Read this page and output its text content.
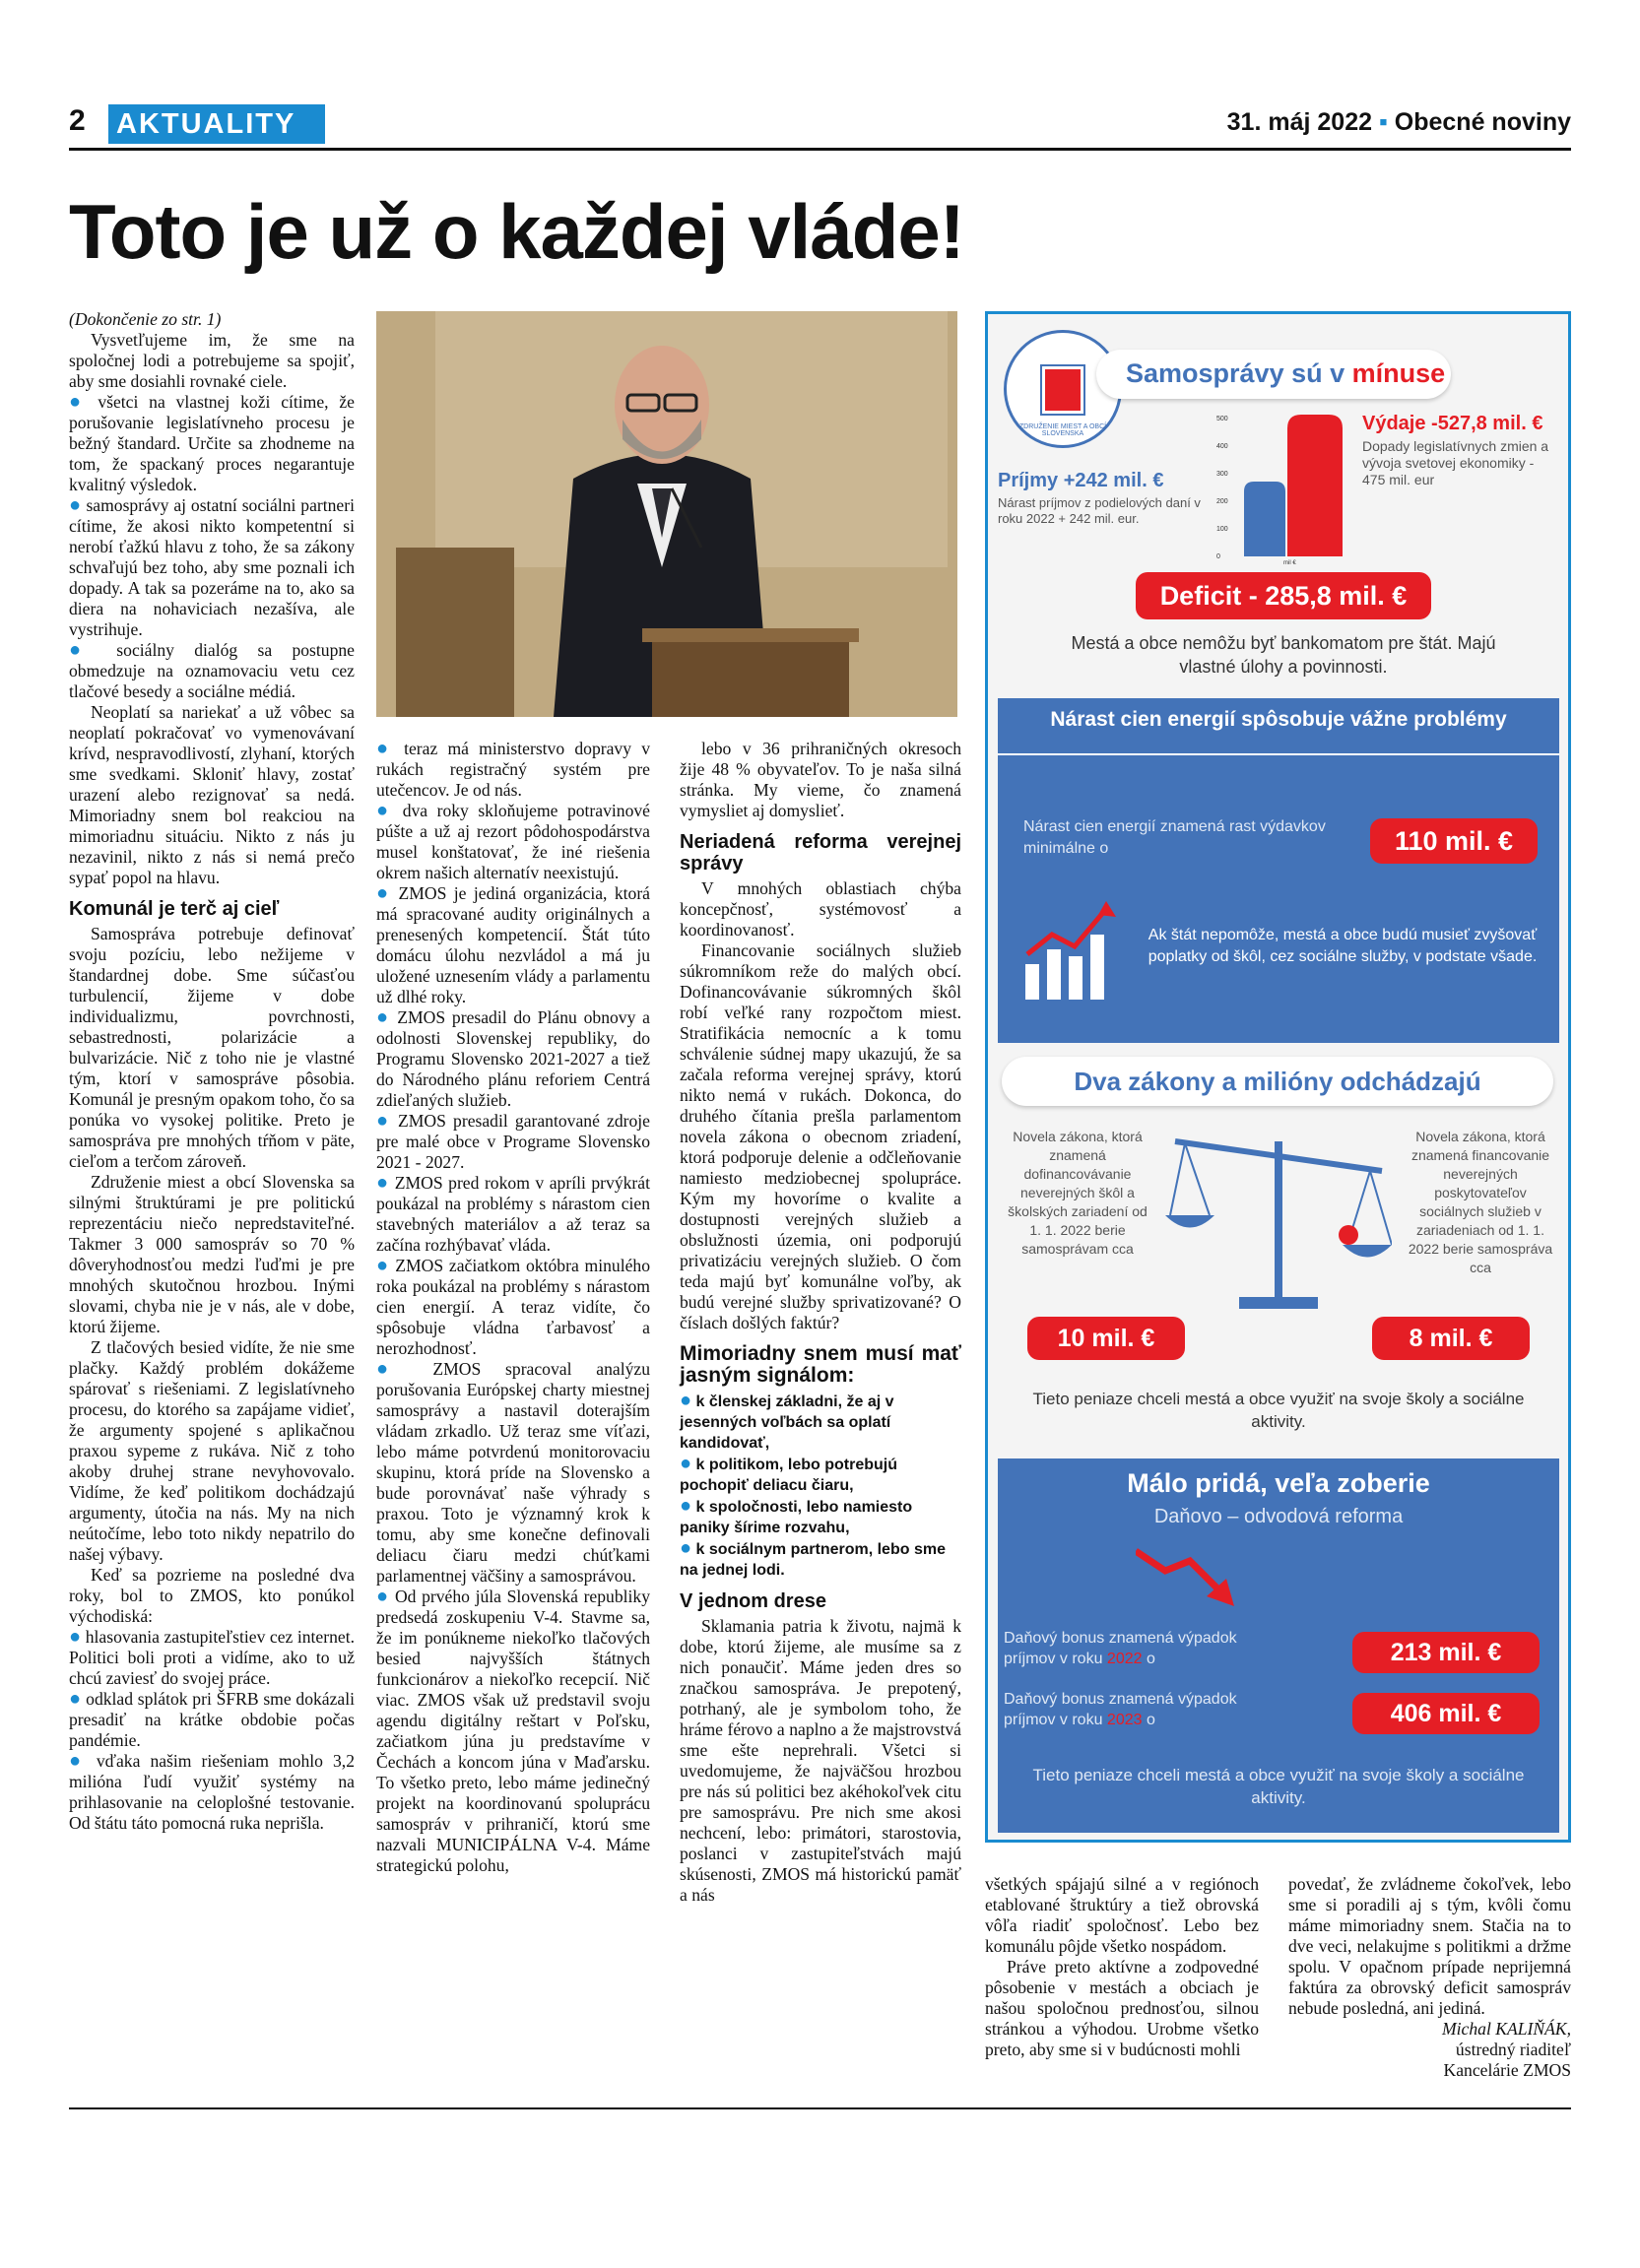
2 AKTUALITY	31. máj 2022 ▪ Obecné noviny
Toto je už o každej vláde!

(Dokončenie zo str. 1)

Vysvetľujeme im, že sme na spoločnej lodi a potrebujeme sa spojiť, aby sme dosiahli rovnaké ciele.

● všetci na vlastnej koži cítime, že porušovanie legislatívneho procesu je bežný štandard. Určite sa zhodneme na tom, že spackaný proces negarantuje kvalitný výsledok.

● samosprávy aj ostatní sociálni partneri cítime, že akosi nikto kompetentní si nerobí ťažkú hlavu z toho, že sa zákony schvaľujú bez toho, aby sme poznali ich dopady. A tak sa pozeráme na to, ako sa diera na nohaviciach nezašíva, ale vystrihuje.

● sociálny dialóg sa postupne obmedzuje na oznamovaciu vetu cez tlačové besedy a sociálne médiá.

Neoplatí sa nariekať a už vôbec sa neoplatí pokračovať vo vymenovávaní krívd, nespravodlivostí, zlyhaní, ktorých sme svedkami. Skloniť hlavy, zostať urazení alebo rezignovať sa nedá. Mimoriadny snem bol reakciou na mimoriadnu situáciu. Nikto z nás ju nezavinil, nikto z nás si nemá prečo sypať popol na hlavu.

Komunál je terč aj cieľ

Samospráva potrebuje definovať svoju pozíciu, lebo nežijeme v štandardnej dobe. Sme súčasťou turbulencií, žijeme v dobe individualizmu, povrchnosti, sebastrednosti, polarizácie a bulvarizácie. Nič z toho nie je vlastné tým, ktorí v samospráve pôsobia. Komunál je presným opakom toho, čo sa ponúka vo vysokej politike. Preto je samospráva pre mnohých tŕňom v päte, cieľom a terčom zároveň.

Združenie miest a obcí Slovenska sa silnými štruktúrami je pre politickú reprezentáciu niečo nepredstaviteľné. Takmer 3 000 samospráv so 70 % dôveryhodnosťou medzi ľuďmi je pre mnohých skutočnou hrozbou. Inými slovami, chyba nie je v nás, ale v dobe, ktorú žijeme.

Z tlačových besied vidíte, že nie sme plačky. Každý problém dokážeme spárovať s riešeniami. Z legislatívneho procesu, do ktorého sa zapájame vidieť, že argumenty spojené s aplikačnou praxou sypeme z rukáva. Nič z toho akoby druhej strane nevyhovovalo. Vidíme, že keď politikom dochádzajú argumenty, útočia na nás. My na nich neútočíme, lebo toto nikdy nepatrilo do našej výbavy.

Keď sa pozrieme na posledné dva roky, bol to ZMOS, kto ponúkol východiská:

● hlasovania zastupiteľstiev cez internet. Politici boli proti a vidíme, ako to už chcú zaviesť do svojej práce.

● odklad splátok pri ŠFRB sme dokázali presadiť na krátke obdobie počas pandémie.

● vďaka našim riešeniam mohlo 3,2 milióna ľudí využiť systémy na prihlasovanie na celoplošné testovanie. Od štátu táto pomocná ruka neprišla.

● teraz má ministerstvo dopravy v rukách registračný systém pre utečencov. Je od nás.

● dva roky skloňujeme potravinové púšte a už aj rezort pôdohospodárstva musel konštatovať, že iné riešenia okrem našich alternatív neexistujú.

● ZMOS je jediná organizácia, ktorá má spracované audity originálnych a prenesených kompetencií. Štát túto domácu úlohu nezvládol a má ju uložené uznesením vlády a parlamentu už dlhé roky.

● ZMOS presadil do Plánu obnovy a odolnosti Slovenskej republiky, do Programu Slovensko 2021-2027 a tiež do Národného plánu reforiem Centrá zdieľaných služieb.

● ZMOS presadil garantované zdroje pre malé obce v Programe Slovensko 2021 - 2027.

● ZMOS pred rokom v apríli prvýkrát poukázal na problémy s nárastom cien stavebných materiálov a až teraz sa začína rozhýbavať vláda.

● ZMOS začiatkom októbra minulého roka poukázal na problémy s nárastom cien energií. A teraz vidíte, čo spôsobuje vládna ťarbavosť a nerozhodnosť.

● ZMOS spracoval analýzu porušovania Európskej charty miestnej samosprávy a nastavil doterajším vládam zrkadlo. Už teraz sme víťazi, lebo máme potvrdenú monitorovaciu skupinu, ktorá príde na Slovensko a bude porovnávať naše výhrady s praxou. Toto je významný krok k tomu, aby sme konečne definovali deliacu čiaru medzi chúťkami parlamentnej väčšiny a samosprávou.

● Od prvého júla Slovenská republiky predsedá zoskupeniu V-4. Stavme sa, že im ponúkneme niekoľko tlačových besied najvyšších štátnych funkcionárov a niekoľko recepcií. Nič viac. ZMOS však už predstavil svoju agendu digitálny reštart v Poľsku, začiatkom júna ju predstavíme v Čechách a koncom júna v Maďarsku. To všetko preto, lebo máme jedinečný projekt na koordinovanú spoluprácu samospráv v prihraničí, ktorú sme nazvali MUNICIPÁLNA V-4. Máme strategickú polohu,

lebo v 36 prihraničných okresoch žije 48 % obyvateľov. To je naša silná stránka. My vieme, čo znamená vymysliet aj domyslieť.

Neriadená reforma verejnej správy

V mnohých oblastiach chýba koncepčnosť, systémovosť a koordinovanosť.

Financovanie sociálnych služieb súkromníkom reže do malých obcí. Dofinancovávanie súkromných škôl robí veľké rany rozpočtom miest. Stratifikácia nemocníc a k tomu schválenie súdnej mapy ukazujú, že sa začala reforma verejnej správy, ktorú nikto nemá v rukách. Dokonca, do druhého čítania prešla parlamentom novela zákona o obecnom zriadení, ktorá podporuje delenie a odčleňovanie namiesto medziobecnej spolupráce. Kým my hovoríme o kvalite a dostupnosti verejných služieb a obslužnosti územia, oni podporujú privatizáciu verejných služieb. O čom teda majú byť komunálne voľby, ak budú verejné služby sprivatizované? O číslach došlých faktúr?

Mimoriadny snem musí mať jasným signálom:

● k členskej základni, že aj v jesenných voľbách sa oplatí kandidovať,

● k politikom, lebo potrebujú pochopiť deliacu čiaru,

● k spoločnosti, lebo namiesto paniky šírime rozvahu,

● k sociálnym partnerom, lebo sme na jednej lodi.

V jednom drese

Sklamania patria k životu, najmä k dobe, ktorú žijeme, ale musíme sa z nich ponaučiť. Máme jeden dres so značkou samospráva. Je prepotený, potrhaný, ale je symbolom toho, že hráme férovo a naplno a že majstrovstvá sme ešte neprehrali. Všetci si uvedomujeme, že najväčšou hrozbou pre nás sú politici bez akéhokoľvek citu pre samosprávu. Pre nich sme akosi nechcení, lebo: primátori, starostovia, poslanci v zastupiteľstvách majú skúsenosti, ZMOS má historickú pamäť a nás

všetkých spájajú silné a v regiónoch etablované štruktúry a tiež obrovská vôľa riadiť spoločnosť. Lebo bez komunálu pôjde všetko nospádom.

Práve preto aktívne a zodpovedné pôsobenie v mestách a obciach je našou spoločnou prednosťou, silnou stránkou a výhodou. Urobme všetko preto, aby sme si v budúcnosti mohli

povedať, že zvládneme čokoľvek, lebo sme si poradili aj s tým, kvôli čomu máme mimoriadny snem. Stačia na to dve veci, nelakujme s politikmi a držme spolu. V opačnom prípade neprijemná faktúra za obrovský deficit samospráv nebude posledná, ani jediná.

Michal KALIŇÁK,

ústredný riaditeľ

Kancelárie ZMOS

ZDRUŽENIE MIEST A OBCÍ SLOVENSKA
Samosprávy sú v mínuse
Výdaje -527,8 mil. €
Dopady legislatívnych zmien a vývoja svetovej ekonomiky - 475 mil. eur
Príjmy +242 mil. €
Nárast príjmov z podielových daní v roku 2022 + 242 mil. eur.
500
400
300
200
100
0
mil €
Deficit - 285,8 mil. €
Mestá a obce nemôžu byť bankomatom pre štát. Majú vlastné úlohy a povinnosti.
Nárast cien energií spôsobuje vážne problémy
Nárast cien energií znamená rast výdavkov minimálne o	110 mil. €
Ak štát nepomôže, mestá a obce budú musieť zvyšovať poplatky od škôl, cez sociálne služby, v podstate všade.
Dva zákony a milióny odchádzajú
Novela zákona, ktorá znamená dofinancovávanie neverejných škôl a školských zariadení od 1. 1. 2022 berie samosprávam cca
Novela zákona, ktorá znamená financovanie neverejných poskytovateľov sociálnych služieb v zariadeniach od 1. 1. 2022 berie samospráva cca
10 mil. €	8 mil. €
Tieto peniaze chceli mestá a obce využiť na svoje školy a sociálne aktivity.
Málo pridá, veľa zoberie
Daňovo – odvodová reforma
Daňový bonus znamená výpadok príjmov v roku 2022 o	213 mil. €
Daňový bonus znamená výpadok príjmov v roku 2023 o	406 mil. €
Tieto peniaze chceli mestá a obce využiť na svoje školy a sociálne aktivity.
